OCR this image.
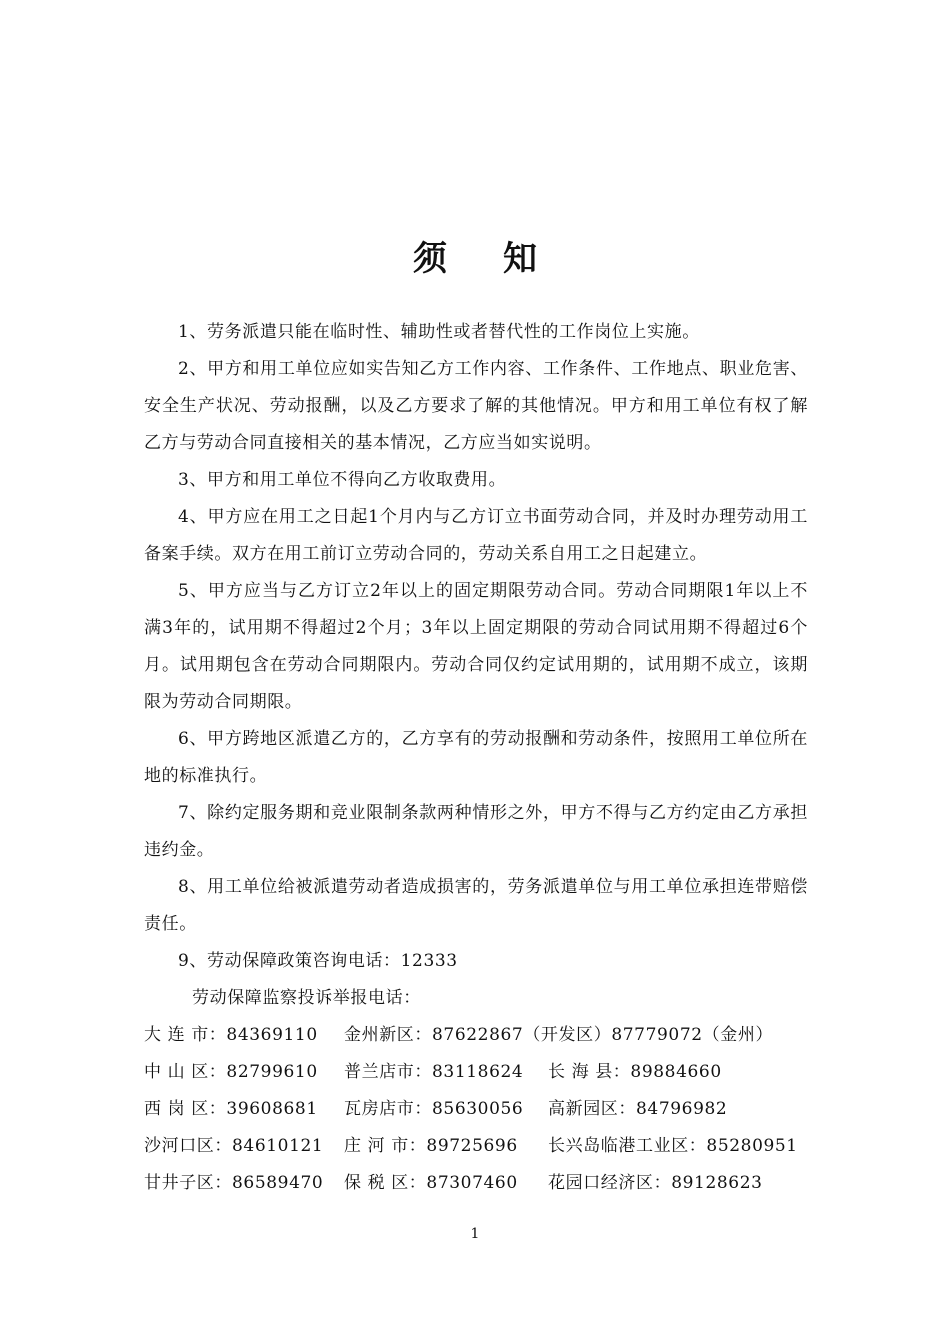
须知

1、劳务派遣只能在临时性、辅助性或者替代性的工作岗位上实施。

2、甲方和用工单位应如实告知乙方工作内容、工作条件、工作地点、职业危害、安全生产状况、劳动报酬，以及乙方要求了解的其他情况。甲方和用工单位有权了解乙方与劳动合同直接相关的基本情况，乙方应当如实说明。

3、甲方和用工单位不得向乙方收取费用。

4、甲方应在用工之日起1个月内与乙方订立书面劳动合同，并及时办理劳动用工备案手续。双方在用工前订立劳动合同的，劳动关系自用工之日起建立。

5、甲方应当与乙方订立2年以上的固定期限劳动合同。劳动合同期限1年以上不满3年的，试用期不得超过2个月；3年以上固定期限的劳动合同试用期不得超过6个月。试用期包含在劳动合同期限内。劳动合同仅约定试用期的，试用期不成立，该期限为劳动合同期限。

6、甲方跨地区派遣乙方的，乙方享有的劳动报酬和劳动条件，按照用工单位所在地的标准执行。

7、除约定服务期和竞业限制条款两种情形之外，甲方不得与乙方约定由乙方承担违约金。

8、用工单位给被派遣劳动者造成损害的，劳务派遣单位与用工单位承担连带赔偿责任。

9、劳动保障政策咨询电话：12333

劳动保障监察投诉举报电话：

大 连 市：84369110 金州新区：87622867（开发区）87779072（金州）
中 山 区：82799610 普兰店市：83118624 长 海 县：89884660
西 岗 区：39608681 瓦房店市：85630056 高新园区：84796982
沙河口区：84610121 庄 河 市：89725696 长兴岛临港工业区：85280951
甘井子区：86589470 保 税 区：87307460 花园口经济区：89128623
1
